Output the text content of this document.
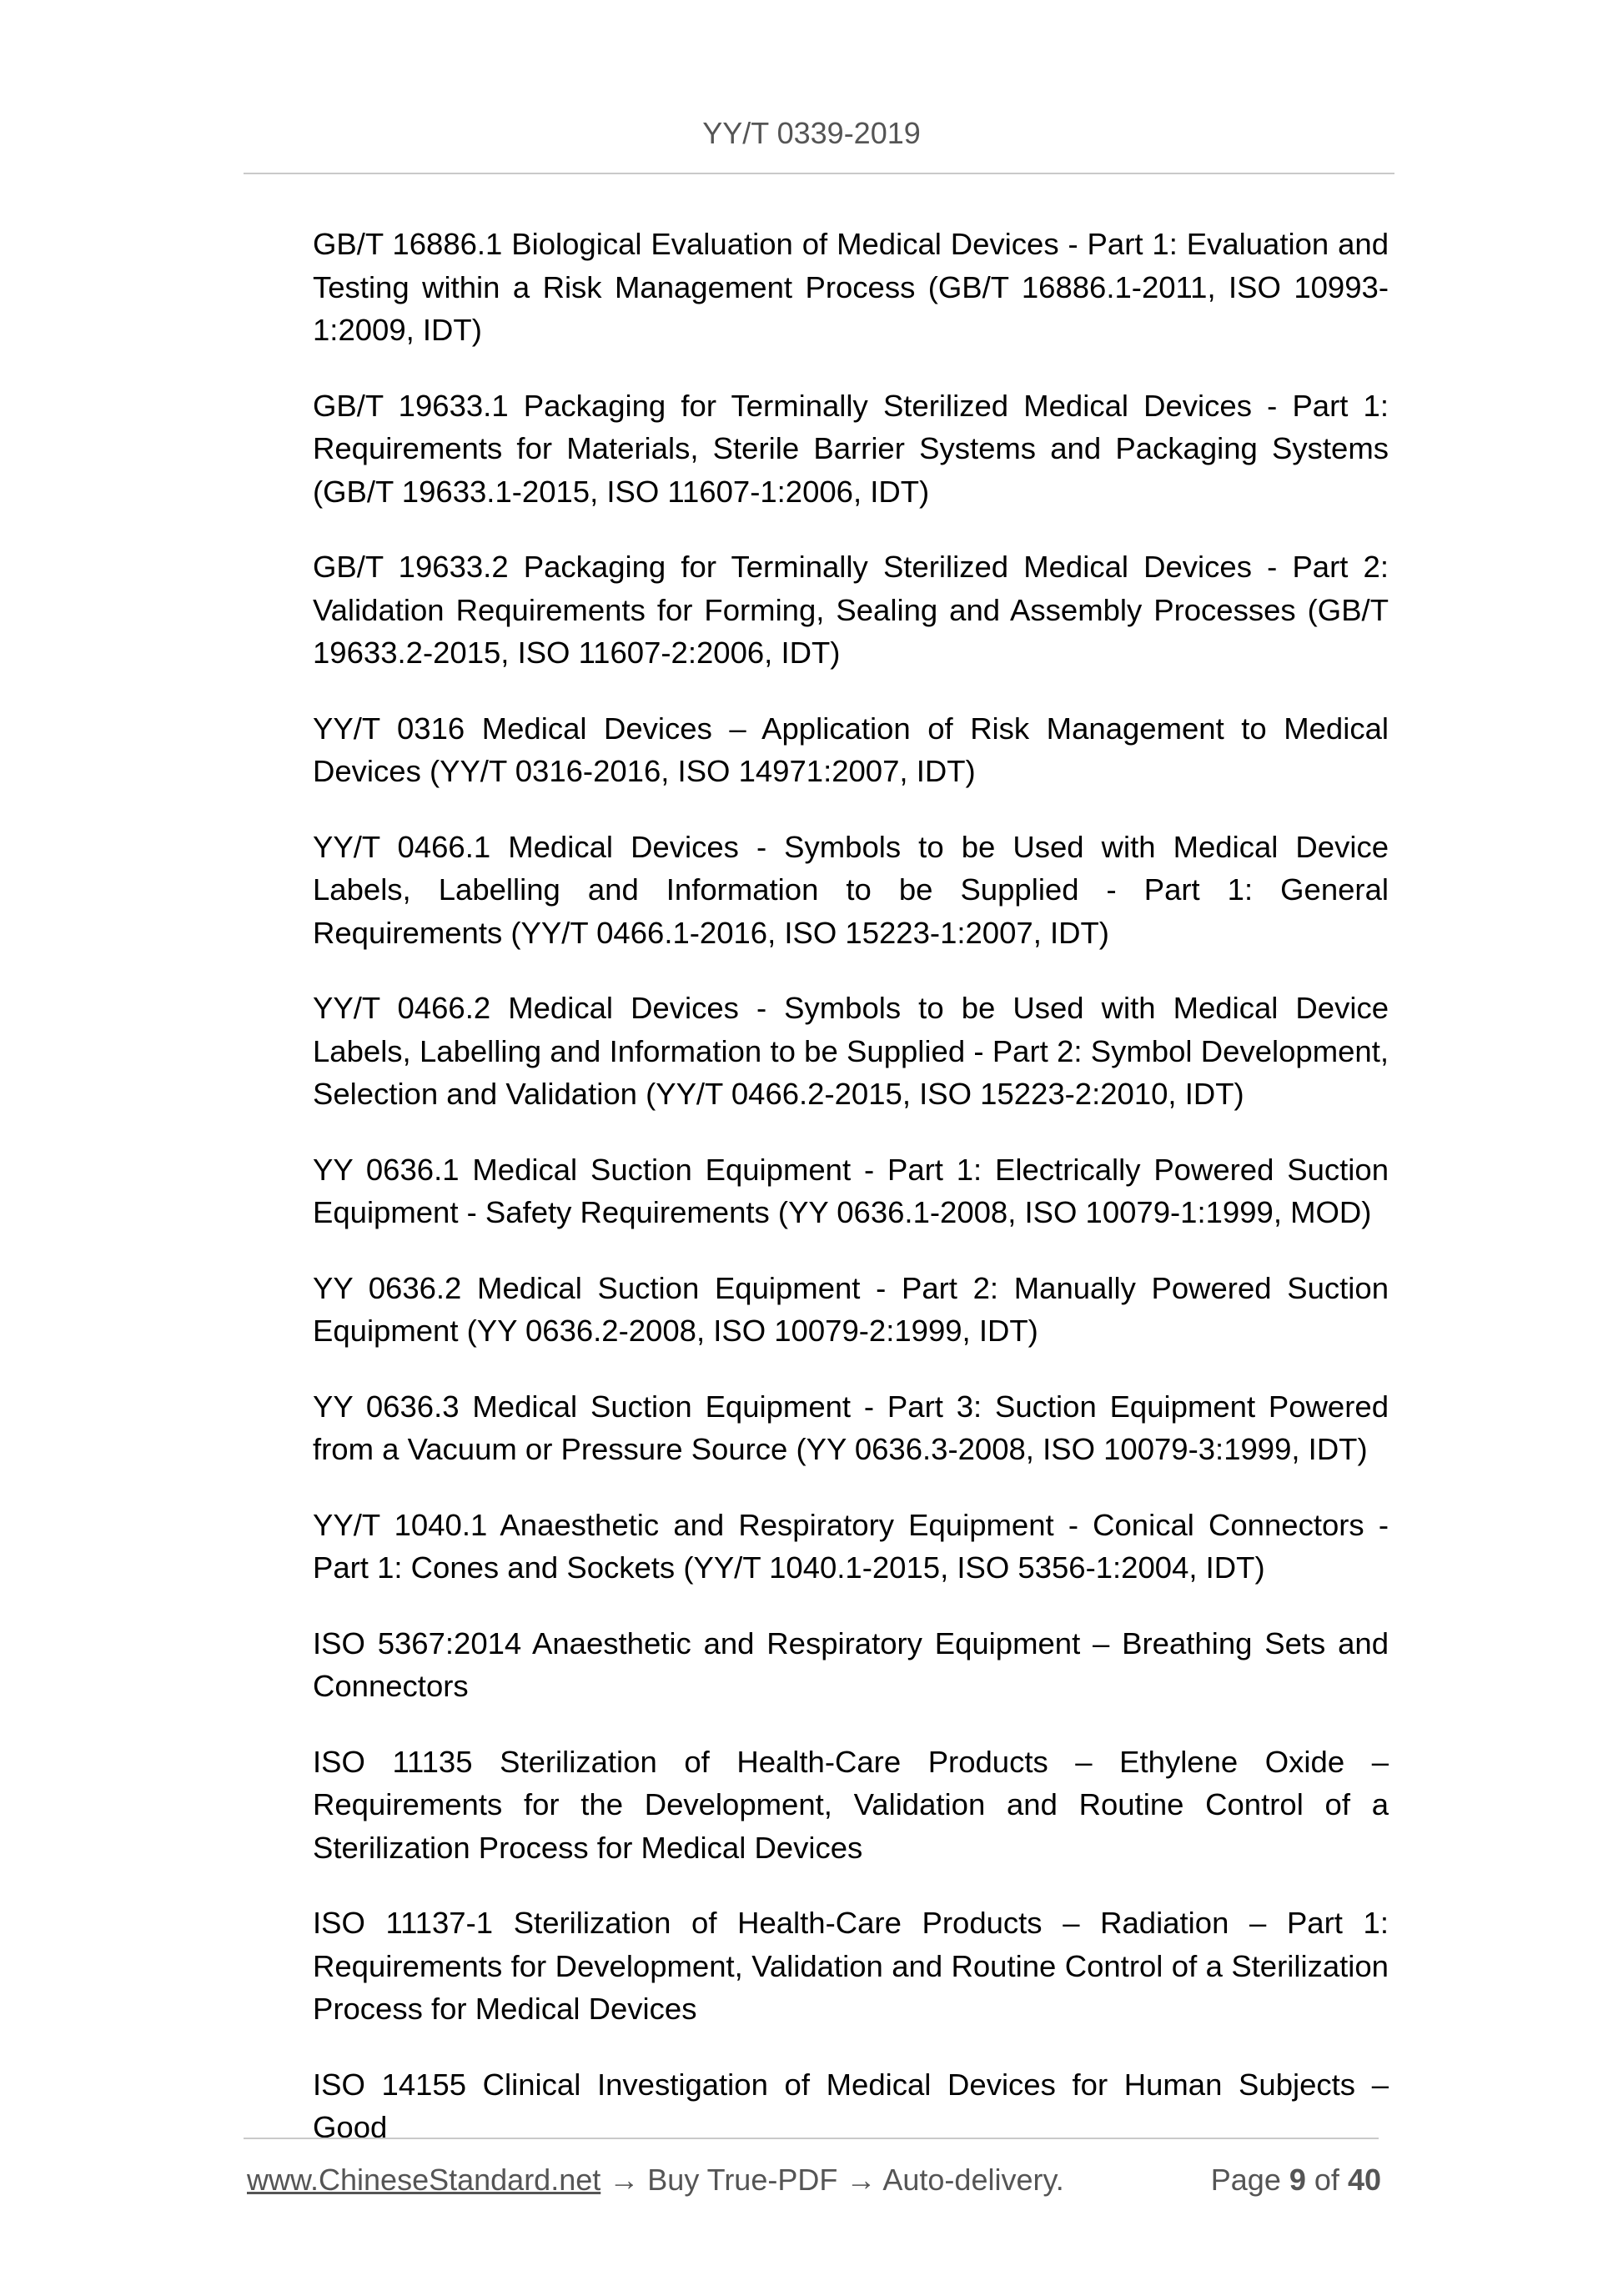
YY/T 0339-2019
GB/T 16886.1 Biological Evaluation of Medical Devices - Part 1: Evaluation and Testing within a Risk Management Process (GB/T 16886.1-2011, ISO 10993-1:2009, IDT)
GB/T 19633.1 Packaging for Terminally Sterilized Medical Devices - Part 1: Requirements for Materials, Sterile Barrier Systems and Packaging Systems (GB/T 19633.1-2015, ISO 11607-1:2006, IDT)
GB/T 19633.2 Packaging for Terminally Sterilized Medical Devices - Part 2: Validation Requirements for Forming, Sealing and Assembly Processes (GB/T 19633.2-2015, ISO 11607-2:2006, IDT)
YY/T 0316 Medical Devices – Application of Risk Management to Medical Devices (YY/T 0316-2016, ISO 14971:2007, IDT)
YY/T 0466.1 Medical Devices - Symbols to be Used with Medical Device Labels, Labelling and Information to be Supplied - Part 1: General Requirements (YY/T 0466.1-2016, ISO 15223-1:2007, IDT)
YY/T 0466.2 Medical Devices - Symbols to be Used with Medical Device Labels, Labelling and Information to be Supplied - Part 2: Symbol Development, Selection and Validation (YY/T 0466.2-2015, ISO 15223-2:2010, IDT)
YY 0636.1 Medical Suction Equipment - Part 1: Electrically Powered Suction Equipment - Safety Requirements (YY 0636.1-2008, ISO 10079-1:1999, MOD)
YY 0636.2 Medical Suction Equipment - Part 2: Manually Powered Suction Equipment (YY 0636.2-2008, ISO 10079-2:1999, IDT)
YY 0636.3 Medical Suction Equipment - Part 3: Suction Equipment Powered from a Vacuum or Pressure Source (YY 0636.3-2008, ISO 10079-3:1999, IDT)
YY/T 1040.1 Anaesthetic and Respiratory Equipment - Conical Connectors - Part 1: Cones and Sockets (YY/T 1040.1-2015, ISO 5356-1:2004, IDT)
ISO 5367:2014 Anaesthetic and Respiratory Equipment – Breathing Sets and Connectors
ISO 11135 Sterilization of Health-Care Products – Ethylene Oxide – Requirements for the Development, Validation and Routine Control of a Sterilization Process for Medical Devices
ISO 11137-1 Sterilization of Health-Care Products – Radiation – Part 1: Requirements for Development, Validation and Routine Control of a Sterilization Process for Medical Devices
ISO 14155 Clinical Investigation of Medical Devices for Human Subjects – Good
www.ChineseStandard.net → Buy True-PDF → Auto-delivery.	Page 9 of 40
